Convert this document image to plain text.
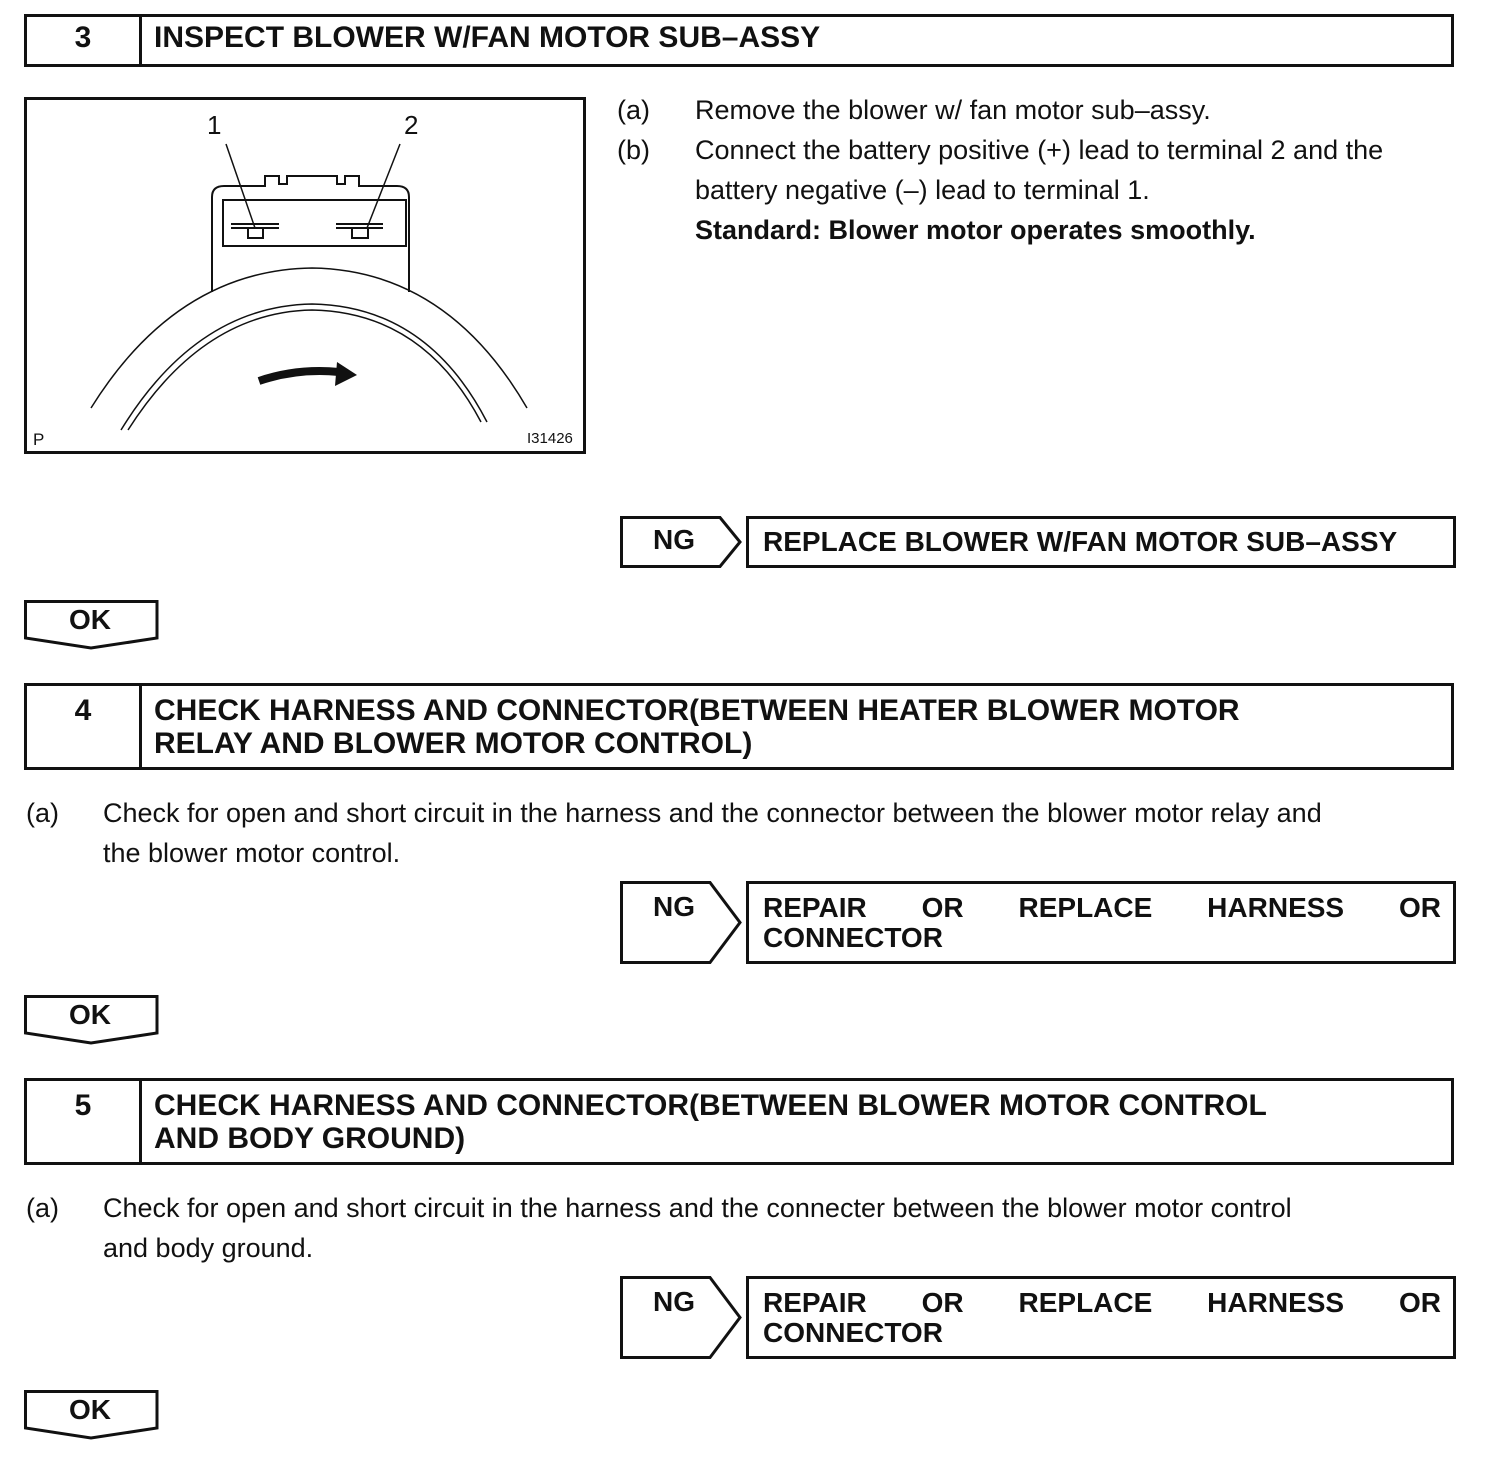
3	INSPECT BLOWER W/FAN MOTOR SUB–ASSY
1	2
P	I31426
(a) Remove the blower w/ fan motor sub–assy.
(b) Connect the battery positive (+) lead to terminal 2 and the
battery negative (–) lead to terminal 1.
Standard: Blower motor operates smoothly.
NG	REPLACE BLOWER W/FAN MOTOR SUB–ASSY
OK
4	CHECK HARNESS AND CONNECTOR(BETWEEN HEATER BLOWER MOTOR
RELAY AND BLOWER MOTOR CONTROL)
(a) Check for open and short circuit in the harness and the connector between the blower motor relay and
the blower motor control.
NG	REPAIR OR REPLACE HARNESS OR
CONNECTOR
OK
5	CHECK HARNESS AND CONNECTOR(BETWEEN BLOWER MOTOR CONTROL
AND BODY GROUND)
(a) Check for open and short circuit in the harness and the connecter between the blower motor control
and body ground.
NG	REPAIR OR REPLACE HARNESS OR
CONNECTOR
OK
